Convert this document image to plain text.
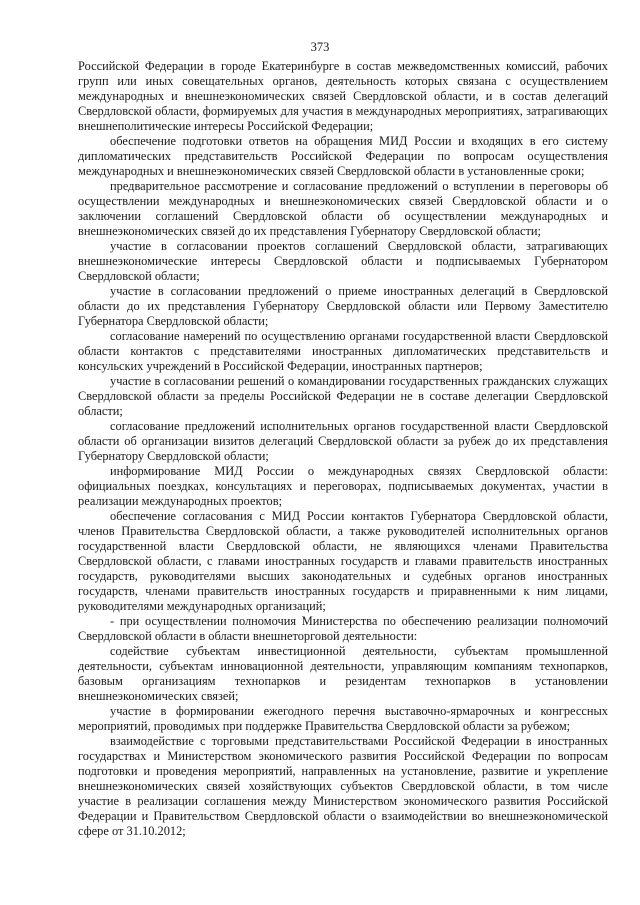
373

Российской Федерации в городе Екатеринбурге в состав межведомственных комиссий, рабочих групп или иных совещательных органов, деятельность которых связана с осуществлением международных и внешнеэкономических связей Свердловской области, и в состав делегаций Свердловской области, формируемых для участия в международных мероприятиях, затрагивающих внешнеполитические интересы Российской Федерации;

обеспечение подготовки ответов на обращения МИД России и входящих в его систему дипломатических представительств Российской Федерации по вопросам осуществления международных и внешнеэкономических связей Свердловской области в установленные сроки;

предварительное рассмотрение и согласование предложений о вступлении в переговоры об осуществлении международных и внешнеэкономических связей Свердловской области и о заключении соглашений Свердловской области об осуществлении международных и внешнеэкономических связей до их представления Губернатору Свердловской области;

участие в согласовании проектов соглашений Свердловской области, затрагивающих внешнеэкономические интересы Свердловской области и подписываемых Губернатором Свердловской области;

участие в согласовании предложений о приеме иностранных делегаций в Свердловской области до их представления Губернатору Свердловской области или Первому Заместителю Губернатора Свердловской области;

согласование намерений по осуществлению органами государственной власти Свердловской области контактов с представителями иностранных дипломатических представительств и консульских учреждений в Российской Федерации, иностранных партнеров;

участие в согласовании решений о командировании государственных гражданских служащих Свердловской области за пределы Российской Федерации не в составе делегации Свердловской области;

согласование предложений исполнительных органов государственной власти Свердловской области об организации визитов делегаций Свердловской области за рубеж до их представления Губернатору Свердловской области;

информирование МИД России о международных связях Свердловской области: официальных поездках, консультациях и переговорах, подписываемых документах, участии в реализации международных проектов;

обеспечение согласования с МИД России контактов Губернатора Свердловской области, членов Правительства Свердловской области, а также руководителей исполнительных органов государственной власти Свердловской области, не являющихся членами Правительства Свердловской области, с главами иностранных государств и главами правительств иностранных государств, руководителями высших законодательных и судебных органов иностранных государств, членами правительств иностранных государств и приравненными к ним лицами, руководителями международных организаций;

- при осуществлении полномочия Министерства по обеспечению реализации полномочий Свердловской области в области внешнеторговой деятельности:

содействие субъектам инвестиционной деятельности, субъектам промышленной деятельности, субъектам инновационной деятельности, управляющим компаниям технопарков, базовым организациям технопарков и резидентам технопарков в установлении внешнеэкономических связей;

участие в формировании ежегодного перечня выставочно-ярмарочных и конгрессных мероприятий, проводимых при поддержке Правительства Свердловской области за рубежом;

взаимодействие с торговыми представительствами Российской Федерации в иностранных государствах и Министерством экономического развития Российской Федерации по вопросам подготовки и проведения мероприятий, направленных на установление, развитие и укрепление внешнеэкономических связей хозяйствующих субъектов Свердловской области, в том числе участие в реализации соглашения между Министерством экономического развития Российской Федерации и Правительством Свердловской области о взаимодействии во внешнеэкономической сфере от 31.10.2012;
